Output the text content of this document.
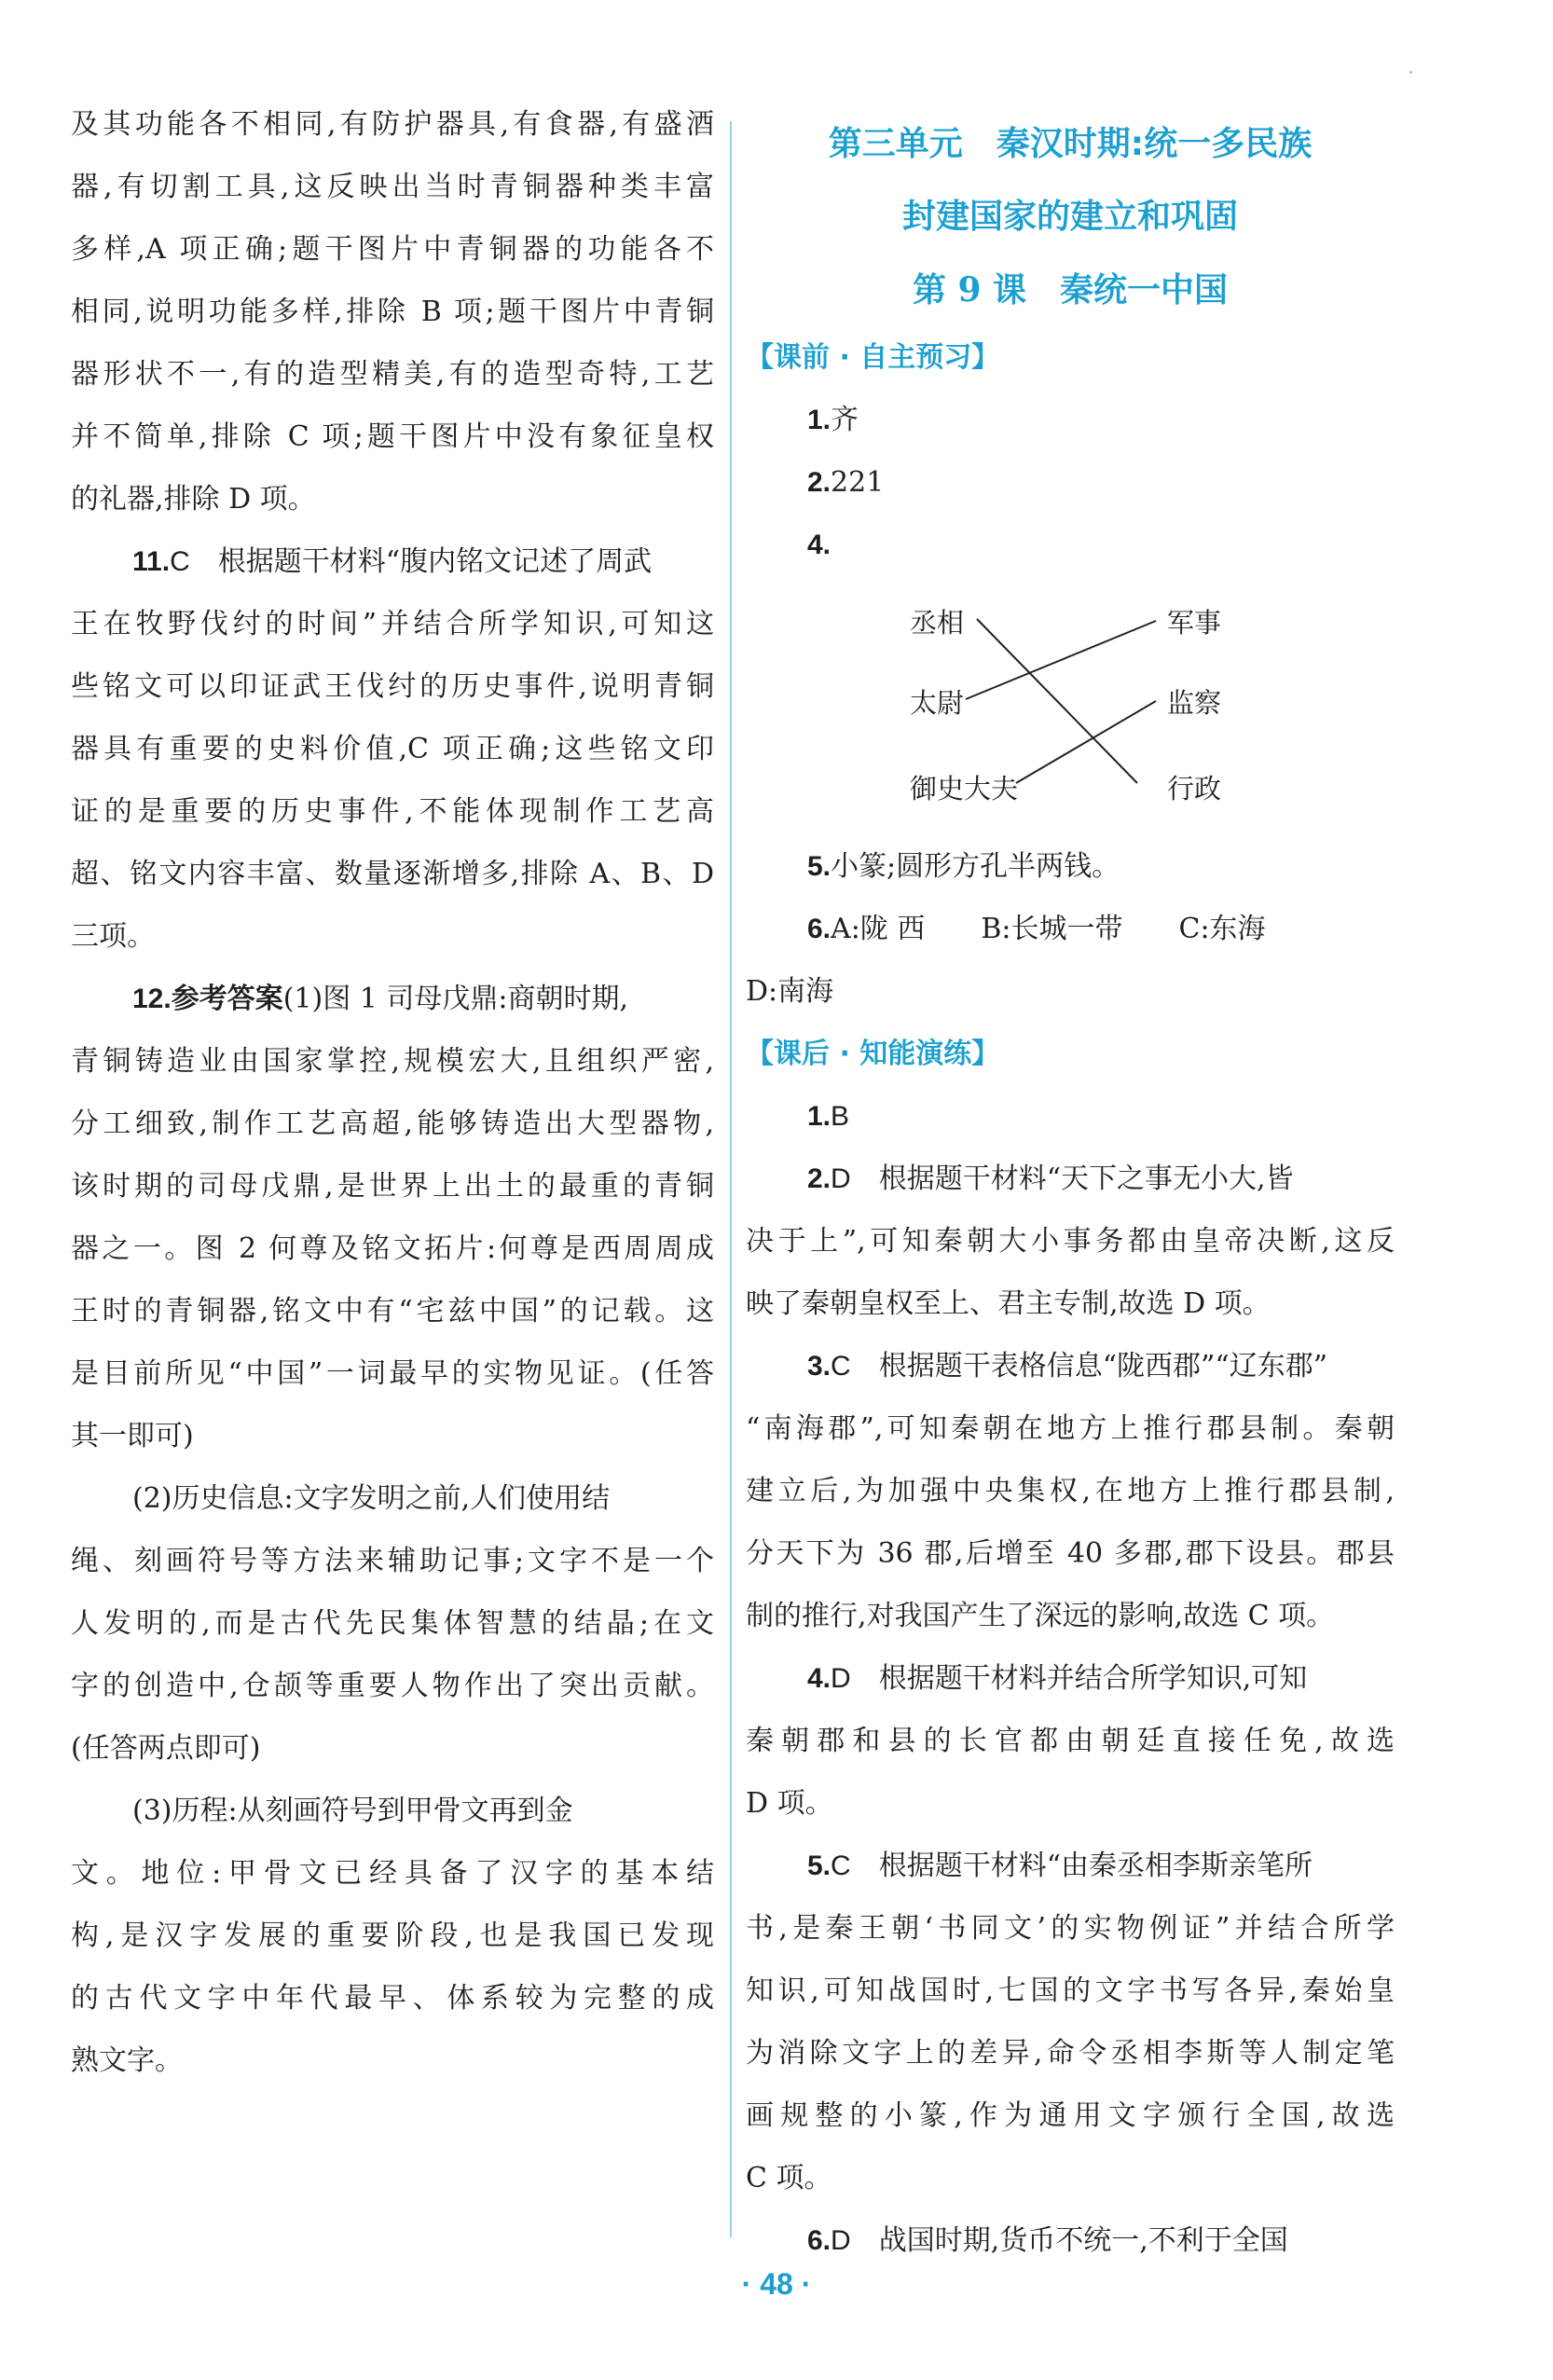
及其功能各不相同,有防护器具,有食器,有盛酒

器,有切割工具,这反映出当时青铜器种类丰富

多样,A 项正确;题干图片中青铜器的功能各不

相同,说明功能多样,排除 B 项;题干图片中青铜

器形状不一,有的造型精美,有的造型奇特,工艺

并不简单,排除 C 项;题干图片中没有象征皇权

的礼器,排除 D 项。

11.C　 根据题干材料“腹内铭文记述了周武

王在牧野伐纣的时间”并结合所学知识,可知这

些铭文可以印证武王伐纣的历史事件,说明青铜

器具有重要的史料价值,C 项正确;这些铭文印

证的是重要的历史事件,不能体现制作工艺高

超、铭文内容丰富、数量逐渐增多,排除 A、B、D

三项。

12.参考答案(1)图 1 司母戊鼎:商朝时期,

青铜铸造业由国家掌控,规模宏大,且组织严密,

分工细致,制作工艺高超,能够铸造出大型器物,

该时期的司母戊鼎,是世界上出土的最重的青铜

器之一。图 2 何尊及铭文拓片:何尊是西周周成

王时的青铜器,铭文中有“宅兹中国”的记载。这

是目前所见“中国”一词最早的实物见证。(任答

其一即可)

(2)历史信息:文字发明之前,人们使用结

绳、刻画符号等方法来辅助记事;文字不是一个

人发明的,而是古代先民集体智慧的结晶;在文

字的创造中,仓颉等重要人物作出了突出贡献。

(任答两点即可)

(3)历程:从刻画符号到甲骨文再到金

文。地位:甲骨文已经具备了汉字的基本结

构,是汉字发展的重要阶段,也是我国已发现

的古代文字中年代最早、体系较为完整的成

熟文字。

第三单元　秦汉时期:统一多民族

封建国家的建立和巩固

第 9 课　秦统一中国

【课前 · 自主预习】

1.齐

2.221

4.

丞相
太尉
御史大夫
军事
监察
行政

5.小篆;圆形方孔半两钱。

6.A:陇 西　　B:长城一带　　C:东海

D:南海

【课后 · 知能演练】

1.B

2.D　 根据题干材料“天下之事无小大,皆

决于上”,可知秦朝大小事务都由皇帝决断,这反

映了秦朝皇权至上、君主专制,故选 D 项。

3.C　 根据题干表格信息“陇西郡”“辽东郡”

“南海郡”,可知秦朝在地方上推行郡县制。秦朝

建立后,为加强中央集权,在地方上推行郡县制,

分天下为 36 郡,后增至 40 多郡,郡下设县。郡县

制的推行,对我国产生了深远的影响,故选 C 项。

4.D　 根据题干材料并结合所学知识,可知

秦朝郡和县的长官都由朝廷直接任免,故选

D 项。

5.C　 根据题干材料“由秦丞相李斯亲笔所

书,是秦王朝‘书同文’的实物例证”并结合所学

知识,可知战国时,七国的文字书写各异,秦始皇

为消除文字上的差异,命令丞相李斯等人制定笔

画规整的小篆,作为通用文字颁行全国,故选

C 项。

6.D　 战国时期,货币不统一,不利于全国

· 48 ·
